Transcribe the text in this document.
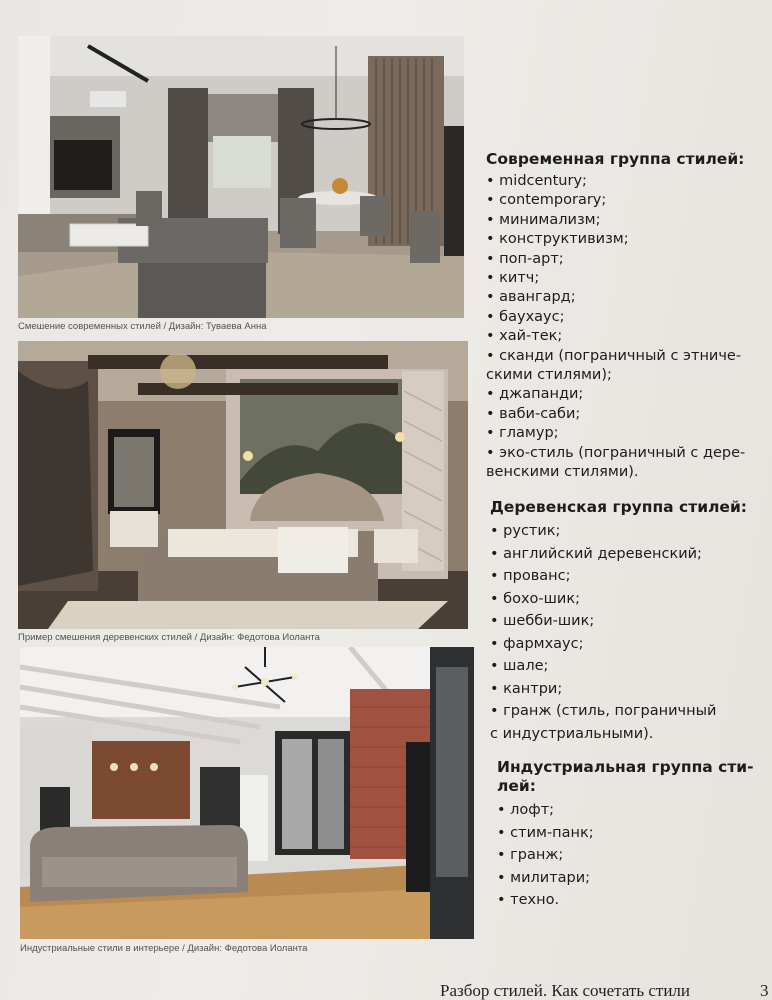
Смешение современных стилей / Дизайн: Туваева Анна
Пример смешения деревенских стилей / Дизайн: Федотова Иоланта
Индустриальные стили в интерьере / Дизайн: Федотова Иоланта
Современная группа стилей:
• midcentury;
• contemporary;
• минимализм;
• конструктивизм;
• поп-арт;
• китч;
• авангард;
• баухаус;
• хай-тек;
• сканди (пограничный с этниче-
скими стилями);
• джапанди;
• ваби-саби;
• гламур;
• эко-стиль (пограничный с дере-
венскими стилями).
Деревенская группа стилей:
• рустик;
• английский деревенский;
• прованс;
• бохо-шик;
• шебби-шик;
• фармхаус;
• шале;
• кантри;
• гранж (стиль, пограничный
с индустриальными).
Индустриальная группа сти-
лей:
• лофт;
• стим-панк;
• гранж;
• милитари;
• техно.
Разбор стилей. Как сочетать стили	3
